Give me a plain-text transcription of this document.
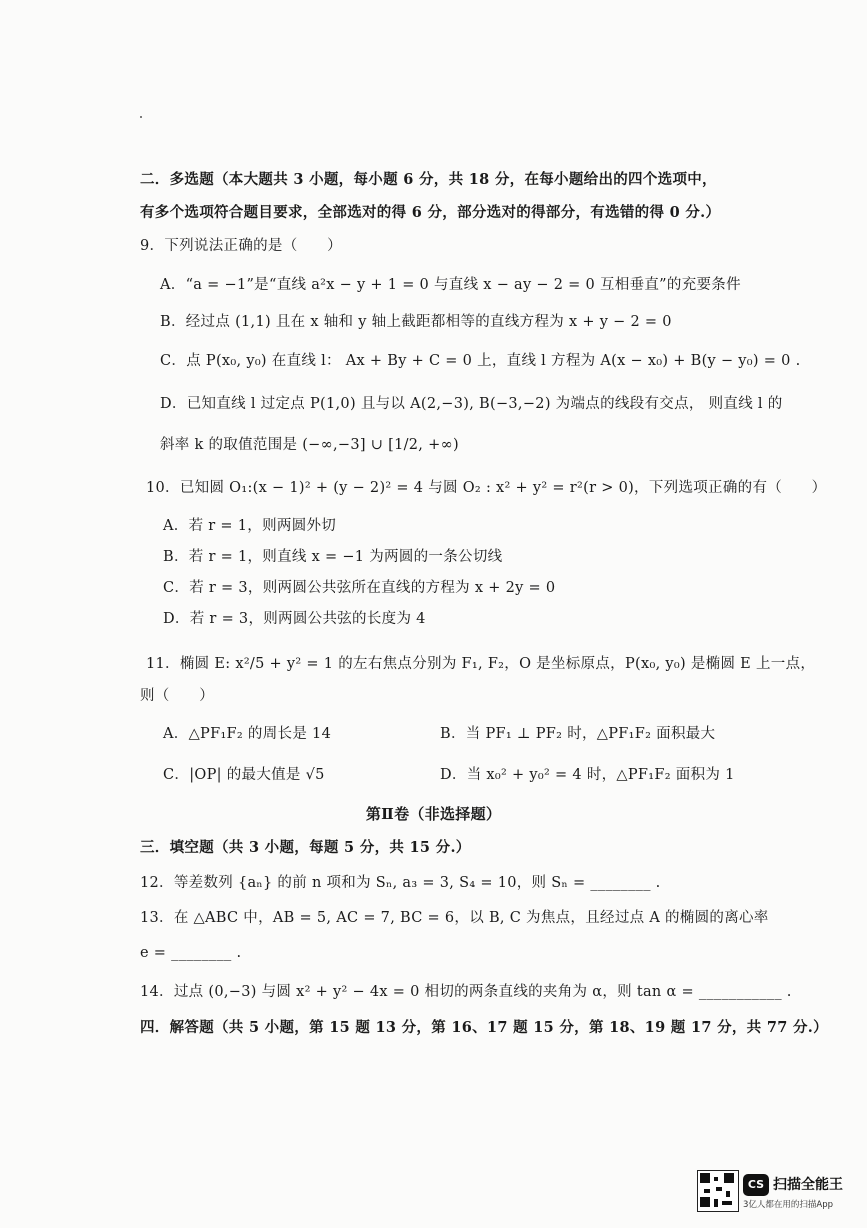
二．多选题（本大题共 3 小题，每小题 6 分，共 18 分，在每小题给出的四个选项中，
有多个选项符合题目要求，全部选对的得 6 分，部分选对的得部分，有选错的得 0 分.）
9．下列说法正确的是（　　）
A．“a = −1”是“直线 a²x − y + 1 = 0 与直线 x − ay − 2 = 0 互相垂直”的充要条件
B．经过点 (1,1) 且在 x 轴和 y 轴上截距都相等的直线方程为 x + y − 2 = 0
C．点 P(x₀, y₀) 在直线 l： Ax + By + C = 0 上，直线 l 方程为 A(x − x₀) + B(y − y₀) = 0 .
D．已知直线 l 过定点 P(1,0) 且与以 A(2,−3), B(−3,−2) 为端点的线段有交点， 则直线 l 的
斜率 k 的取值范围是 (−∞,−3] ∪ [1/2, +∞)
10．已知圆 O₁:(x − 1)² + (y − 2)² = 4 与圆 O₂ : x² + y² = r²(r > 0)，下列选项正确的有（　　）
A．若 r = 1，则两圆外切
B．若 r = 1，则直线 x = −1 为两圆的一条公切线
C．若 r = 3，则两圆公共弦所在直线的方程为 x + 2y = 0
D．若 r = 3，则两圆公共弦的长度为 4
11．椭圆 E: x²/5 + y² = 1 的左右焦点分别为 F₁, F₂，O 是坐标原点，P(x₀, y₀) 是椭圆 E 上一点，
则（　　）
A．△PF₁F₂ 的周长是 14	B．当 PF₁ ⊥ PF₂ 时，△PF₁F₂ 面积最大
C．|OP| 的最大值是 √5	D．当 x₀² + y₀² = 4 时，△PF₁F₂ 面积为 1
第Ⅱ卷（非选择题）
三．填空题（共 3 小题，每题 5 分，共 15 分.）
12．等差数列 {aₙ} 的前 n 项和为 Sₙ, a₃ = 3, S₄ = 10，则 Sₙ = ________ .
13．在 △ABC 中，AB = 5, AC = 7, BC = 6，以 B, C 为焦点，且经过点 A 的椭圆的离心率
e = ________ .
14．过点 (0,−3) 与圆 x² + y² − 4x = 0 相切的两条直线的夹角为 α，则 tan α = ___________ .
四．解答题（共 5 小题，第 15 题 13 分，第 16、17 题 15 分，第 18、19 题 17 分，共 77 分.）
CS 扫描全能王
3亿人都在用的扫描App
